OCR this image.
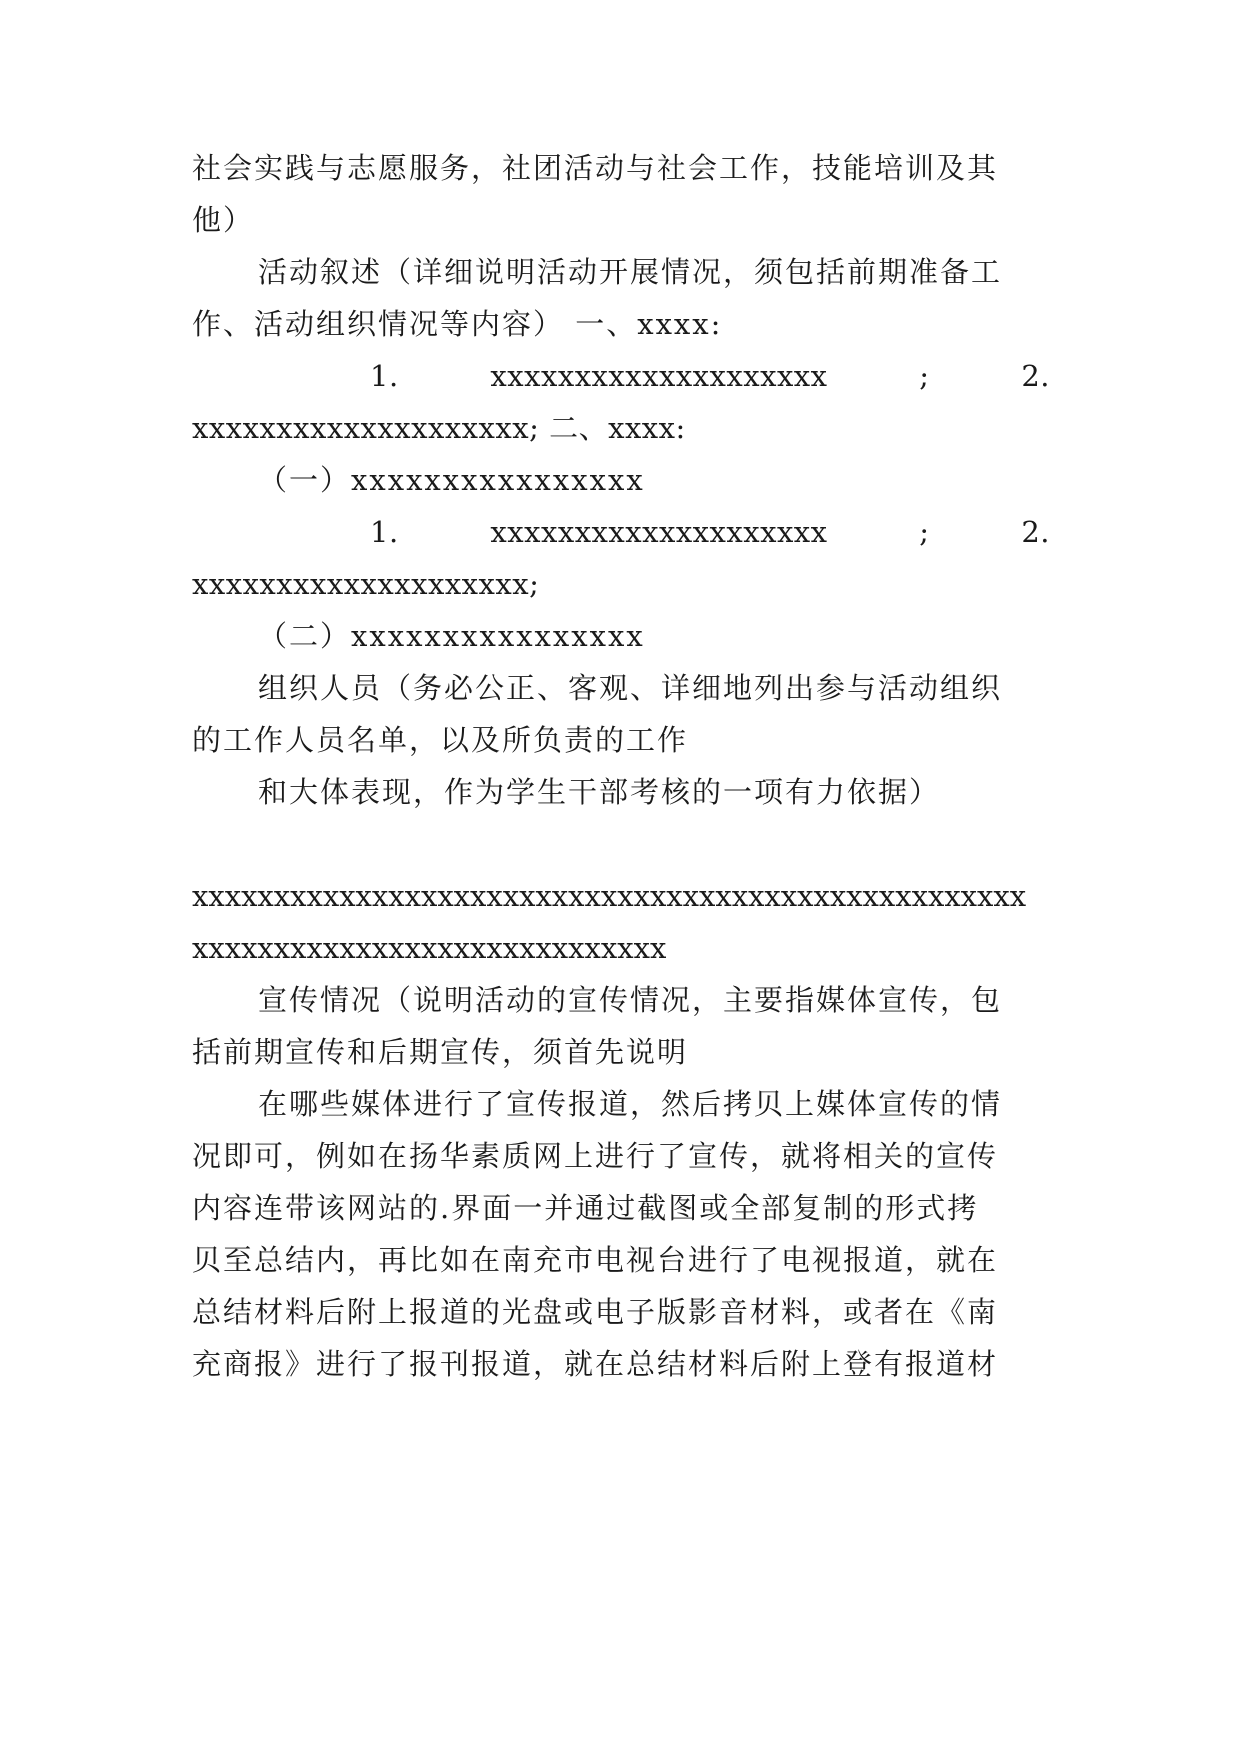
社会实践与志愿服务，社团活动与社会工作，技能培训及其
他）
活动叙述（详细说明活动开展情况，须包括前期准备工
作、活动组织情况等内容） 一、xxxx:
1.	xxxxxxxxxxxxxxxxxxxx	;	2.
xxxxxxxxxxxxxxxxxxxx; 二、xxxx:
（一）xxxxxxxxxxxxxxxx
1.	xxxxxxxxxxxxxxxxxxxx	;	2.
xxxxxxxxxxxxxxxxxxxx;
（二）xxxxxxxxxxxxxxxx
组织人员（务必公正、客观、详细地列出参与活动组织
的工作人员名单，以及所负责的工作
和大体表现，作为学生干部考核的一项有力依据）
xxxxxxxxxxxxxxxxxxxxxxxxxxxxxxxxxxxxxxxxxxxxxxxxxxx
xxxxxxxxxxxxxxxxxxxxxxxxxxxxx
宣传情况（说明活动的宣传情况，主要指媒体宣传，包
括前期宣传和后期宣传，须首先说明
在哪些媒体进行了宣传报道，然后拷贝上媒体宣传的情
况即可，例如在扬华素质网上进行了宣传，就将相关的宣传
内容连带该网站的.界面一并通过截图或全部复制的形式拷
贝至总结内，再比如在南充市电视台进行了电视报道，就在
总结材料后附上报道的光盘或电子版影音材料，或者在《南
充商报》进行了报刊报道，就在总结材料后附上登有报道材
